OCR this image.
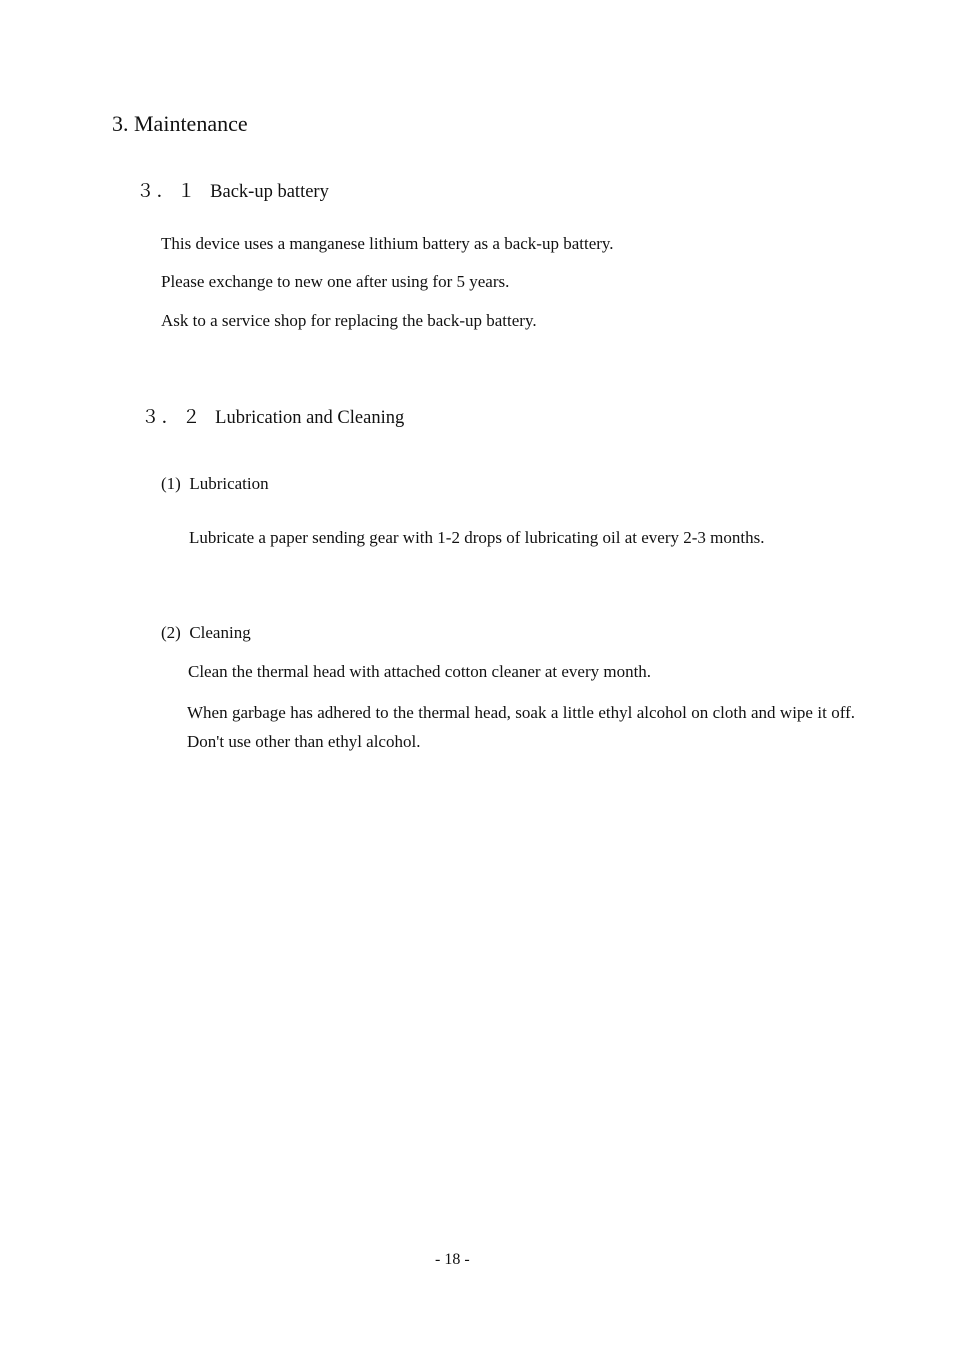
3. Maintenance
３ ． １ Back-up battery
This device uses a manganese lithium battery as a back-up battery.
Please exchange to new one after using for 5 years.
Ask to a service shop for replacing the back-up battery.
３ ． ２ Lubrication and Cleaning
(1)  Lubrication
Lubricate a paper sending gear with 1-2 drops of lubricating oil at every 2-3 months.
(2)  Cleaning
Clean the thermal head with attached cotton cleaner at every month.
When garbage has adhered to the thermal head, soak a little ethyl alcohol on cloth and wipe it off. Don't use other than ethyl alcohol.
- 18 -
